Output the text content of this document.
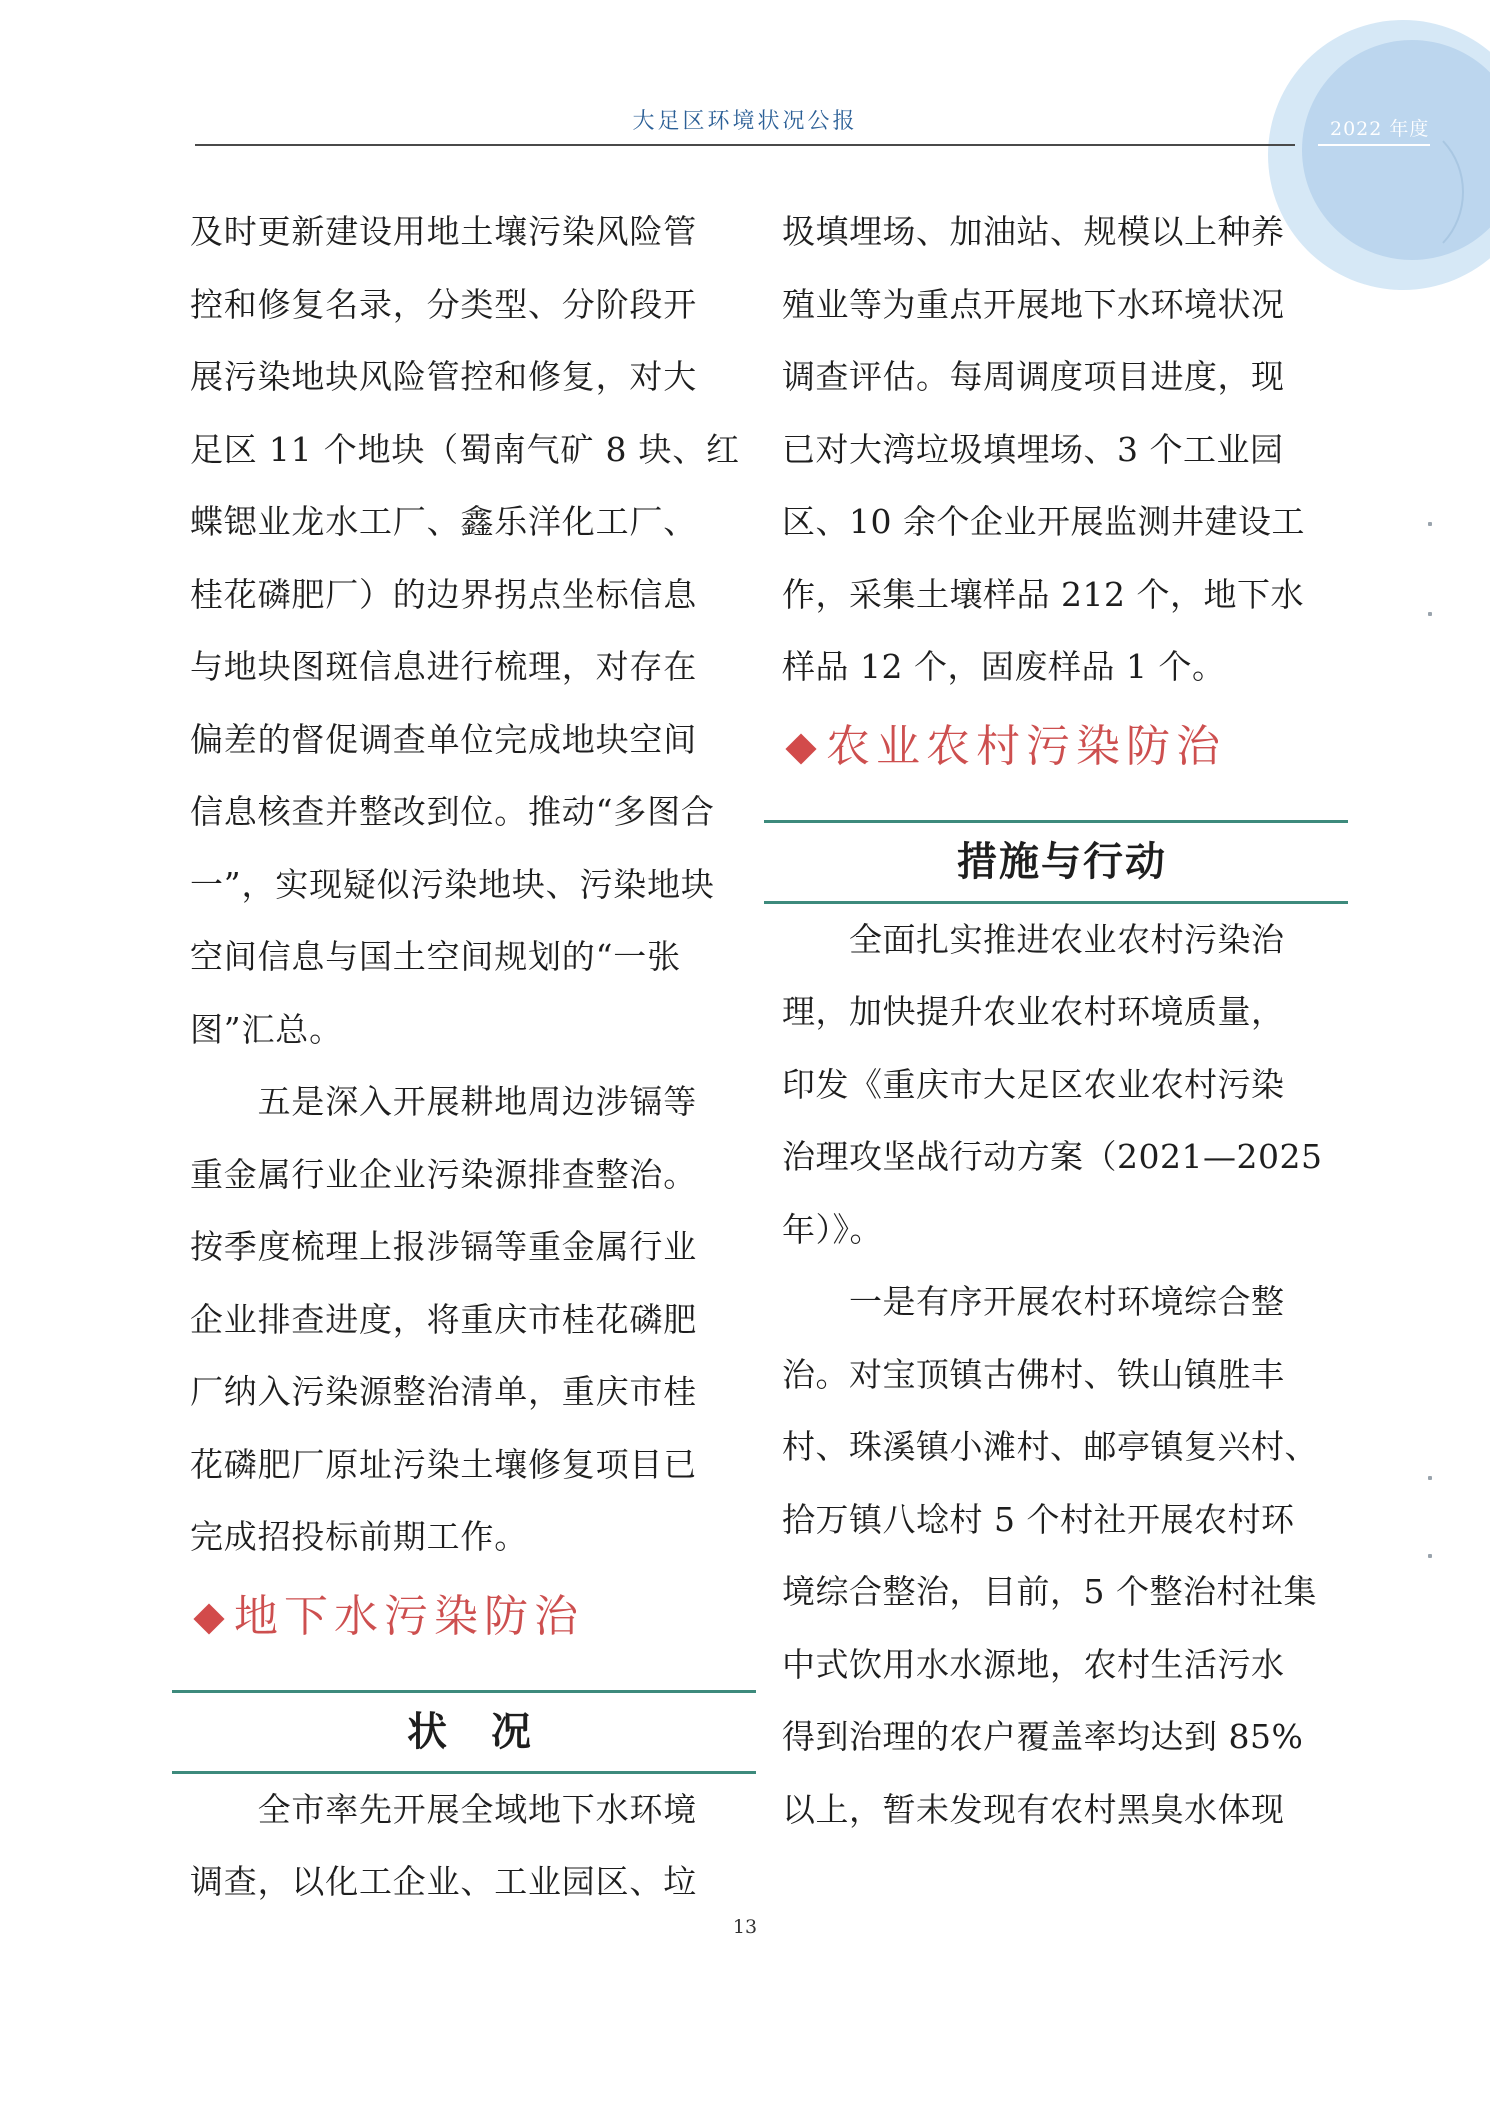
大足区环境状况公报	2022 年度
及时更新建设用地土壤污染风险管
控和修复名录，分类型、分阶段开
展污染地块风险管控和修复，对大
足区 11 个地块（蜀南气矿 8 块、红
蝶锶业龙水工厂、鑫乐洋化工厂、
桂花磷肥厂）的边界拐点坐标信息
与地块图斑信息进行梳理，对存在
偏差的督促调查单位完成地块空间
信息核查并整改到位。推动“多图合
一”，实现疑似污染地块、污染地块
空间信息与国土空间规划的“一张
图”汇总。
　　五是深入开展耕地周边涉镉等
重金属行业企业污染源排查整治。
按季度梳理上报涉镉等重金属行业
企业排查进度，将重庆市桂花磷肥
厂纳入污染源整治清单，重庆市桂
花磷肥厂原址污染土壤修复项目已
完成招投标前期工作。
地下水污染防治
状　况
　　全市率先开展全域地下水环境
调查，以化工企业、工业园区、垃
圾填埋场、加油站、规模以上种养
殖业等为重点开展地下水环境状况
调查评估。每周调度项目进度，现
已对大湾垃圾填埋场、3 个工业园
区、10 余个企业开展监测井建设工
作，采集土壤样品 212 个，地下水
样品 12 个，固废样品 1 个。
农业农村污染防治
措施与行动
　　全面扎实推进农业农村污染治
理，加快提升农业农村环境质量，
印发《重庆市大足区农业农村污染
治理攻坚战行动方案（2021—2025
年）》。
　　一是有序开展农村环境综合整
治。对宝顶镇古佛村、铁山镇胜丰
村、珠溪镇小滩村、邮亭镇复兴村、
拾万镇八埝村 5 个村社开展农村环
境综合整治，目前，5 个整治村社集
中式饮用水水源地，农村生活污水
得到治理的农户覆盖率均达到 85%
以上，暂未发现有农村黑臭水体现
13
